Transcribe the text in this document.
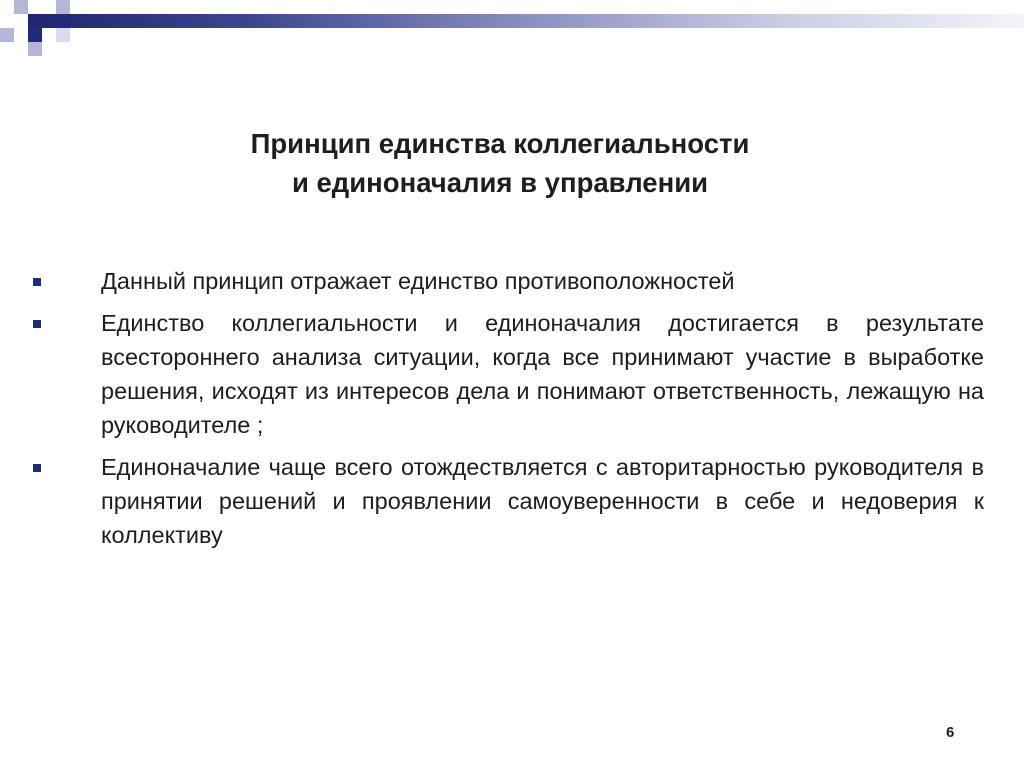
Принцип единства коллегиальности
и единоначалия в управлении
Данный принцип отражает единство противоположностей
Единство коллегиальности и единоначалия достигается в результате всестороннего анализа ситуации, когда все принимают участие в выработке решения, исходят из интересов дела и понимают ответственность, лежащую на руководителе ;
Единоначалие чаще всего отождествляется с авторитарностью руководителя в принятии решений и проявлении самоуверенности в себе и недоверия к коллективу
6
